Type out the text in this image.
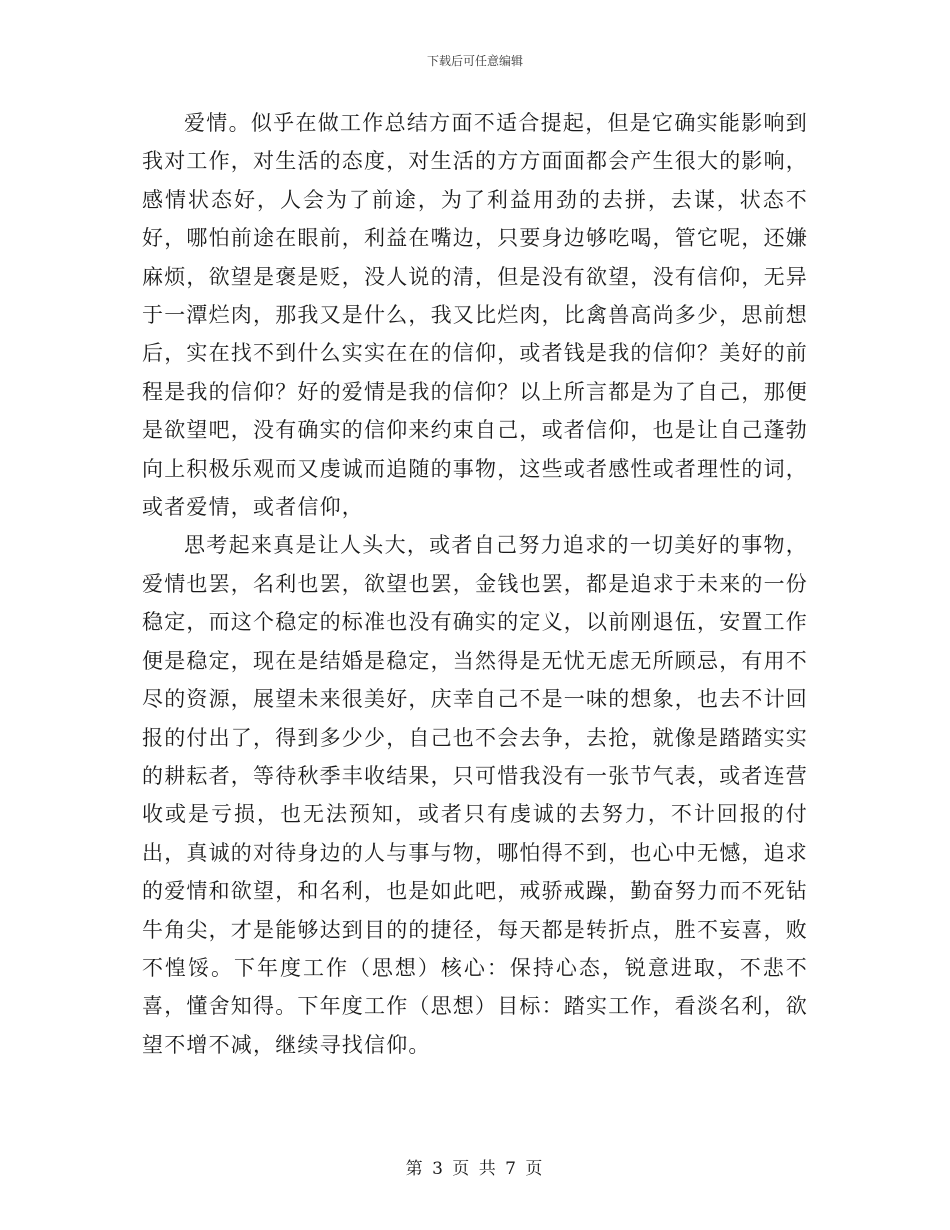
下载后可任意编辑

爱情。似乎在做工作总结方面不适合提起，但是它确实能影响到我对工作，对生活的态度，对生活的方方面面都会产生很大的影响，感情状态好，人会为了前途，为了利益用劲的去拼，去谋，状态不好，哪怕前途在眼前，利益在嘴边，只要身边够吃喝，管它呢，还嫌麻烦，欲望是褒是贬，没人说的清，但是没有欲望，没有信仰，无异于一潭烂肉，那我又是什么，我又比烂肉，比禽兽高尚多少，思前想后，实在找不到什么实实在在的信仰，或者钱是我的信仰？美好的前程是我的信仰？好的爱情是我的信仰？以上所言都是为了自己，那便是欲望吧，没有确实的信仰来约束自己，或者信仰，也是让自己蓬勃向上积极乐观而又虔诚而追随的事物，这些或者感性或者理性的词，或者爱情，或者信仰，

思考起来真是让人头大，或者自己努力追求的一切美好的事物，爱情也罢，名利也罢，欲望也罢，金钱也罢，都是追求于未来的一份稳定，而这个稳定的标准也没有确实的定义，以前刚退伍，安置工作便是稳定，现在是结婚是稳定，当然得是无忧无虑无所顾忌，有用不尽的资源，展望未来很美好，庆幸自己不是一味的想象，也去不计回报的付出了，得到多少少，自己也不会去争，去抢，就像是踏踏实实的耕耘者，等待秋季丰收结果，只可惜我没有一张节气表，或者连营收或是亏损，也无法预知，或者只有虔诚的去努力，不计回报的付出，真诚的对待身边的人与事与物，哪怕得不到，也心中无憾，追求的爱情和欲望，和名利，也是如此吧，戒骄戒躁，勤奋努力而不死钻牛角尖，才是能够达到目的的捷径，每天都是转折点，胜不妄喜，败不惶馁。下年度工作（思想）核心：保持心态，锐意进取，不悲不喜，懂舍知得。下年度工作（思想）目标：踏实工作，看淡名利，欲望不增不减，继续寻找信仰。

第 3 页 共 7 页
